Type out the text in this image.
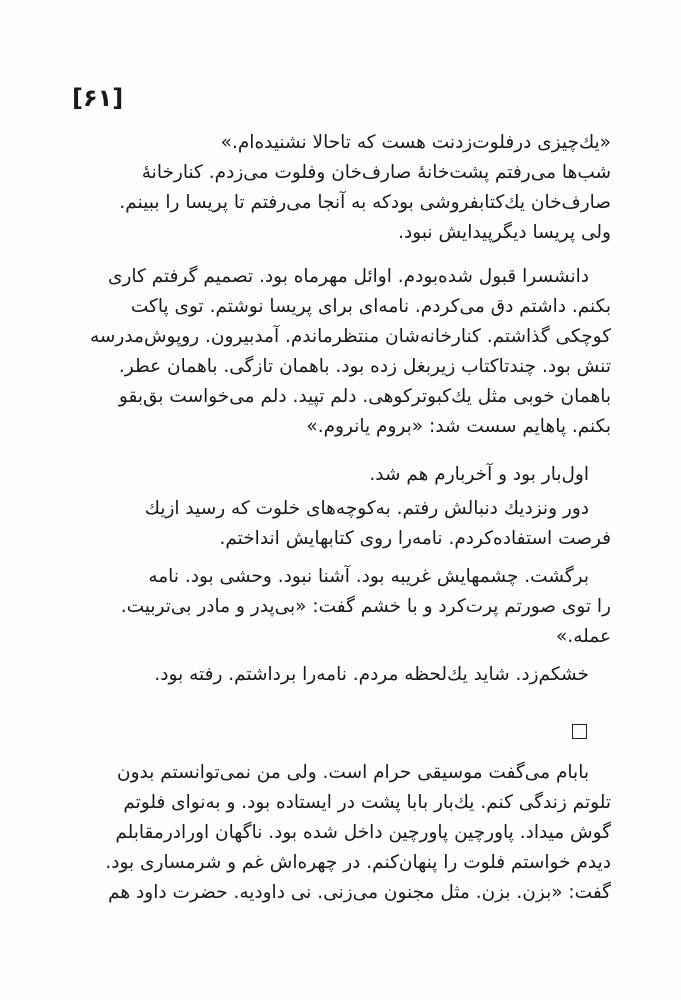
[۶۱]
«یك‌چیزی درفلوت‌زدنت هست که تاحالا نشنیده‌ام.»
شب‌ها می‌رفتم پشت‌خانهٔ صارف‌خان وفلوت می‌زدم. کنارخانهٔ
صارف‌خان یك‌کتابفروشی بودکه به آنجا می‌رفتم تا پریسا را ببینم.
ولی پریسا دیگرپیدایش نبود.
دانشسرا قبول شده‌بودم. اوائل مهرماه بود. تصمیم گرفتم کاری
بکنم. داشتم دق می‌کردم. نامه‌ای برای پریسا نوشتم. توی پاکت
کوچکی گذاشتم. کنارخانه‌شان منتظرماندم. آمدبیرون. روپوش‌مدرسه
تنش بود. چندتاکتاب زیربغل زده بود. باهمان تازگی. باهمان عطر.
باهمان خوبی مثل یك‌کبوترکوهی. دلم تپید. دلم می‌خواست بق‌بقو
بکنم. پاهایم سست شد: «بروم یانروم.»
اول‌بار بود و آخربارم هم شد.
دور ونزدیك دنبالش رفتم. به‌کوچه‌های خلوت که رسید ازیك
فرصت استفاده‌کردم. نامه‌را روی کتابهایش انداختم.
برگشت. چشمهایش غریبه بود. آشنا نبود. وحشی بود. نامه
را توی صورتم پرت‌کرد و با خشم گفت: «بی‌پدر و مادر بی‌تربیت.
عمله.»
خشکم‌زد. شاید یك‌لحظه مردم. نامه‌را برداشتم. رفته بود.
بابام می‌گفت موسیقی حرام است. ولی من نمی‌توانستم بدون
تلوتم زندگی کنم. یك‌بار بابا پشت در ایستاده بود. و به‌نوای فلوتم
گوش میداد. پاورچین پاورچین داخل شده بود. ناگهان اورادرمقابلم
دیدم خواستم فلوت را پنهان‌کنم. در چهره‌اش غم و شرمساری بود.
گفت: «بزن. بزن. مثل مجنون می‌زنی. نی داودیه. حضرت داود هم
